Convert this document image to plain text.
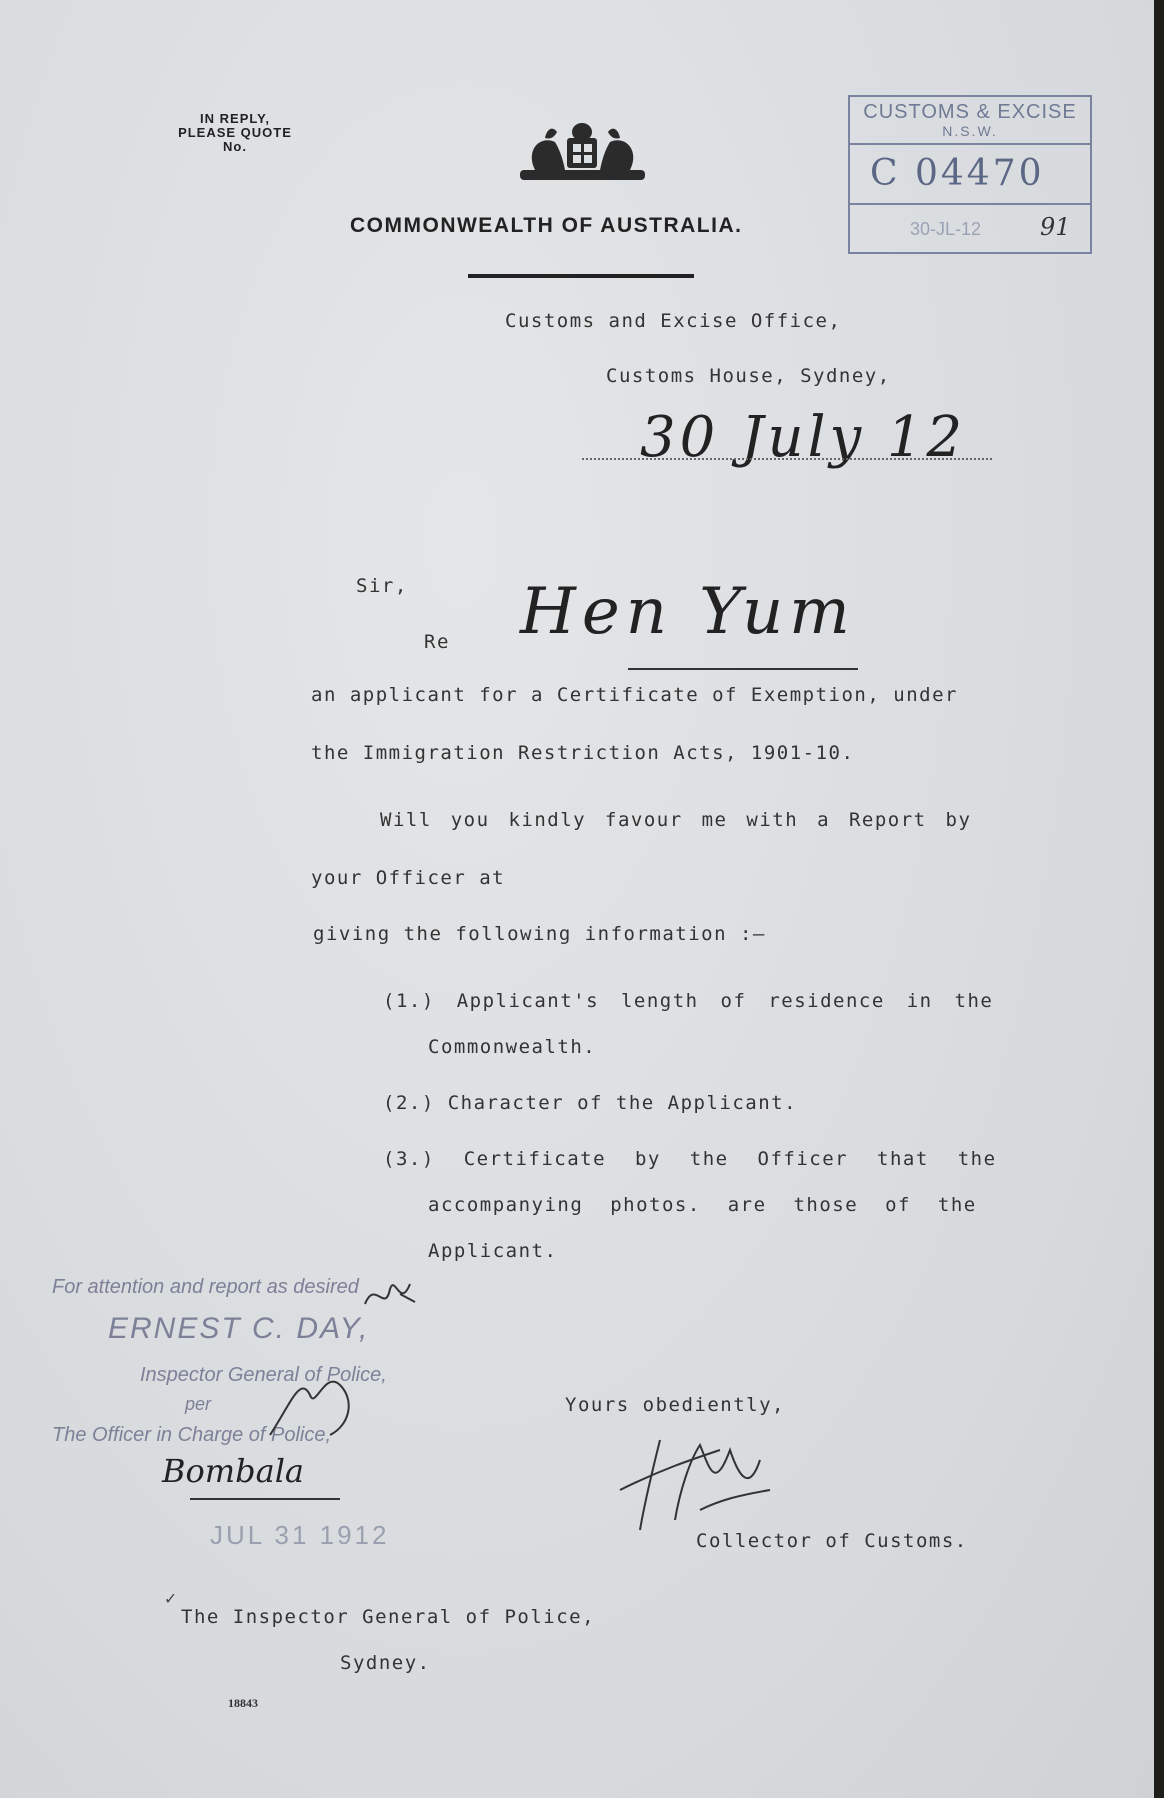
IN REPLY,
PLEASE QUOTE
No.
COMMONWEALTH OF AUSTRALIA.
CUSTOMS & EXCISE
N.S.W.
C 04470
30-JL-12 91
Customs and Excise Office,
Customs House, Sydney,
30 July 12
Sir,
Re Hen Yum
an applicant for a Certificate of Exemption, under
the Immigration Restriction Acts, 1901-10.
Will you kindly favour me with a Report by
your Officer at
giving the following information :—
(1.) Applicant's length of residence in the
Commonwealth.
(2.) Character of the Applicant.
(3.) Certificate by the Officer that the
accompanying photos. are those of the
Applicant.
For attention and report as desired
ERNEST C. DAY,
Inspector General of Police,
per
The Officer in Charge of Police,
Bombala
JUL 31 1912
Yours obediently,
Collector of Customs.
✓
The Inspector General of Police,
Sydney.
18843
